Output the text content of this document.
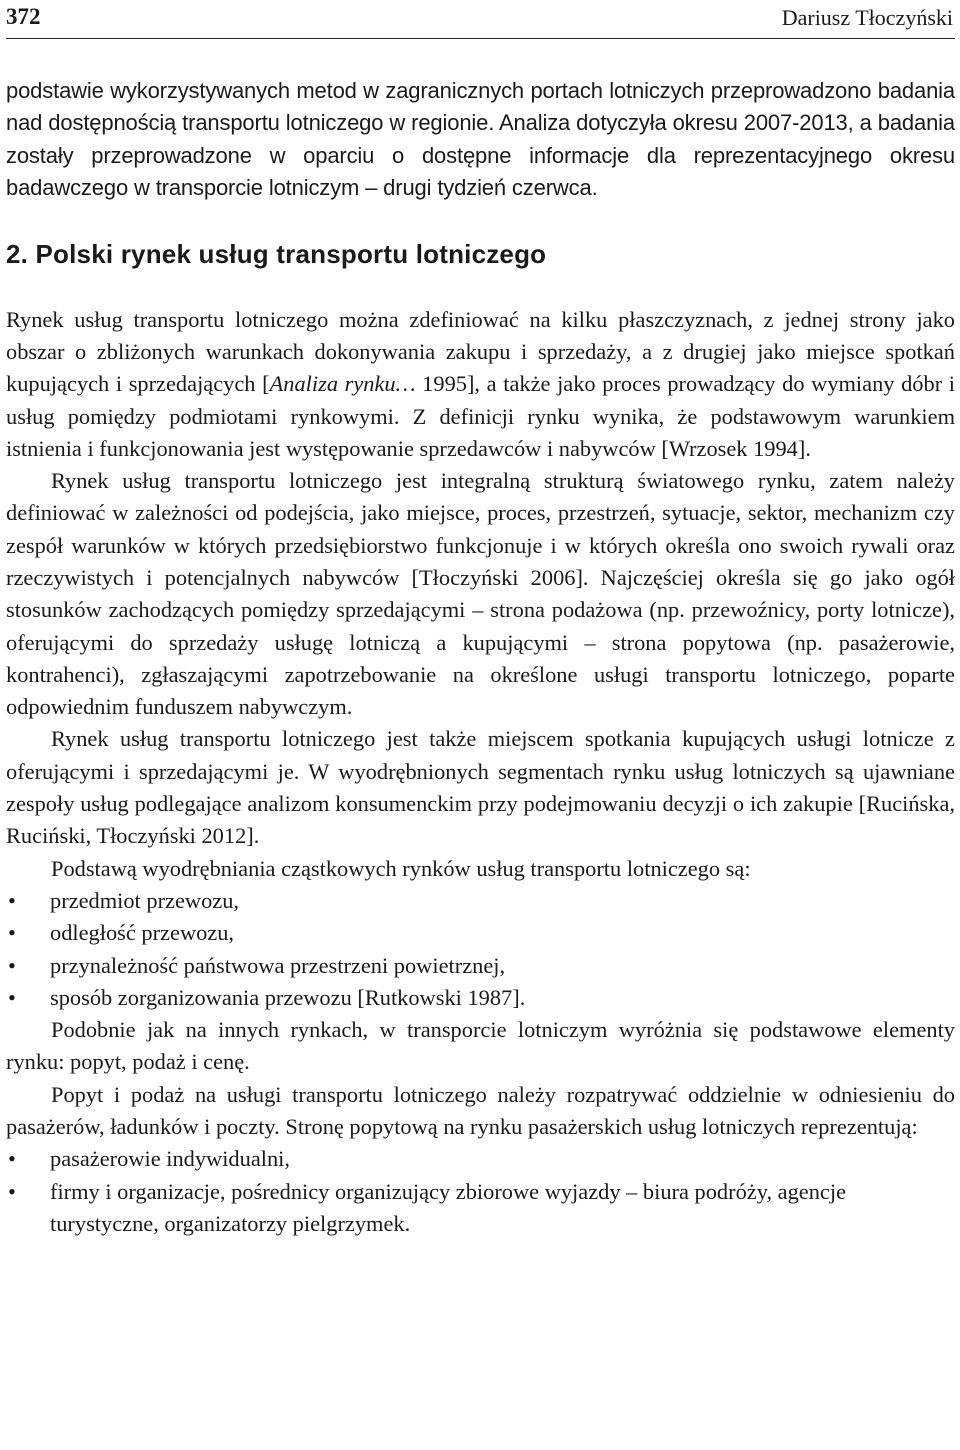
372	Dariusz Tłoczyński

podstawie wykorzystywanych metod w zagranicznych portach lotniczych przeprowadzono badania nad dostępnością transportu lotniczego w regionie. Analiza dotyczyła okresu 2007-2013, a badania zostały przeprowadzone w oparciu o dostępne informacje dla reprezentacyjnego okresu badawczego w transporcie lotniczym – drugi tydzień czerwca.

2. Polski rynek usług transportu lotniczego

Rynek usług transportu lotniczego można zdefiniować na kilku płaszczyznach, z jednej strony jako obszar o zbliżonych warunkach dokonywania zakupu i sprzedaży, a z drugiej jako miejsce spotkań kupujących i sprzedających [Analiza rynku… 1995], a także jako proces prowadzący do wymiany dóbr i usług pomiędzy podmiotami rynkowymi. Z definicji rynku wynika, że podstawowym warunkiem istnienia i funkcjonowania jest występowanie sprzedawców i nabywców [Wrzosek 1994].

Rynek usług transportu lotniczego jest integralną strukturą światowego rynku, zatem należy definiować w zależności od podejścia, jako miejsce, proces, przestrzeń, sytuacje, sektor, mechanizm czy zespół warunków w których przedsiębiorstwo funkcjonuje i w których określa ono swoich rywali oraz rzeczywistych i potencjalnych nabywców [Tłoczyński 2006]. Najczęściej określa się go jako ogół stosunków zachodzących pomiędzy sprzedającymi – strona podażowa (np. przewoźnicy, porty lotnicze), oferującymi do sprzedaży usługę lotniczą a kupującymi – strona popytowa (np. pasażerowie, kontrahenci), zgłaszającymi zapotrzebowanie na określone usługi transportu lotniczego, poparte odpowiednim funduszem nabywczym.

Rynek usług transportu lotniczego jest także miejscem spotkania kupujących usługi lotnicze z oferującymi i sprzedającymi je. W wyodrębnionych segmentach rynku usług lotniczych są ujawniane zespoły usług podlegające analizom konsumenckim przy podejmowaniu decyzji o ich zakupie [Rucińska, Ruciński, Tłoczyński 2012].

Podstawą wyodrębniania cząstkowych rynków usług transportu lotniczego są:

• przedmiot przewozu,
• odległość przewozu,
• przynależność państwowa przestrzeni powietrznej,
• sposób zorganizowania przewozu [Rutkowski 1987].

Podobnie jak na innych rynkach, w transporcie lotniczym wyróżnia się podstawowe elementy rynku: popyt, podaż i cenę.

Popyt i podaż na usługi transportu lotniczego należy rozpatrywać oddzielnie w odniesieniu do pasażerów, ładunków i poczty. Stronę popytową na rynku pasażerskich usług lotniczych reprezentują:

• pasażerowie indywidualni,
• firmy i organizacje, pośrednicy organizujący zbiorowe wyjazdy – biura podróży, agencje turystyczne, organizatorzy pielgrzymek.
